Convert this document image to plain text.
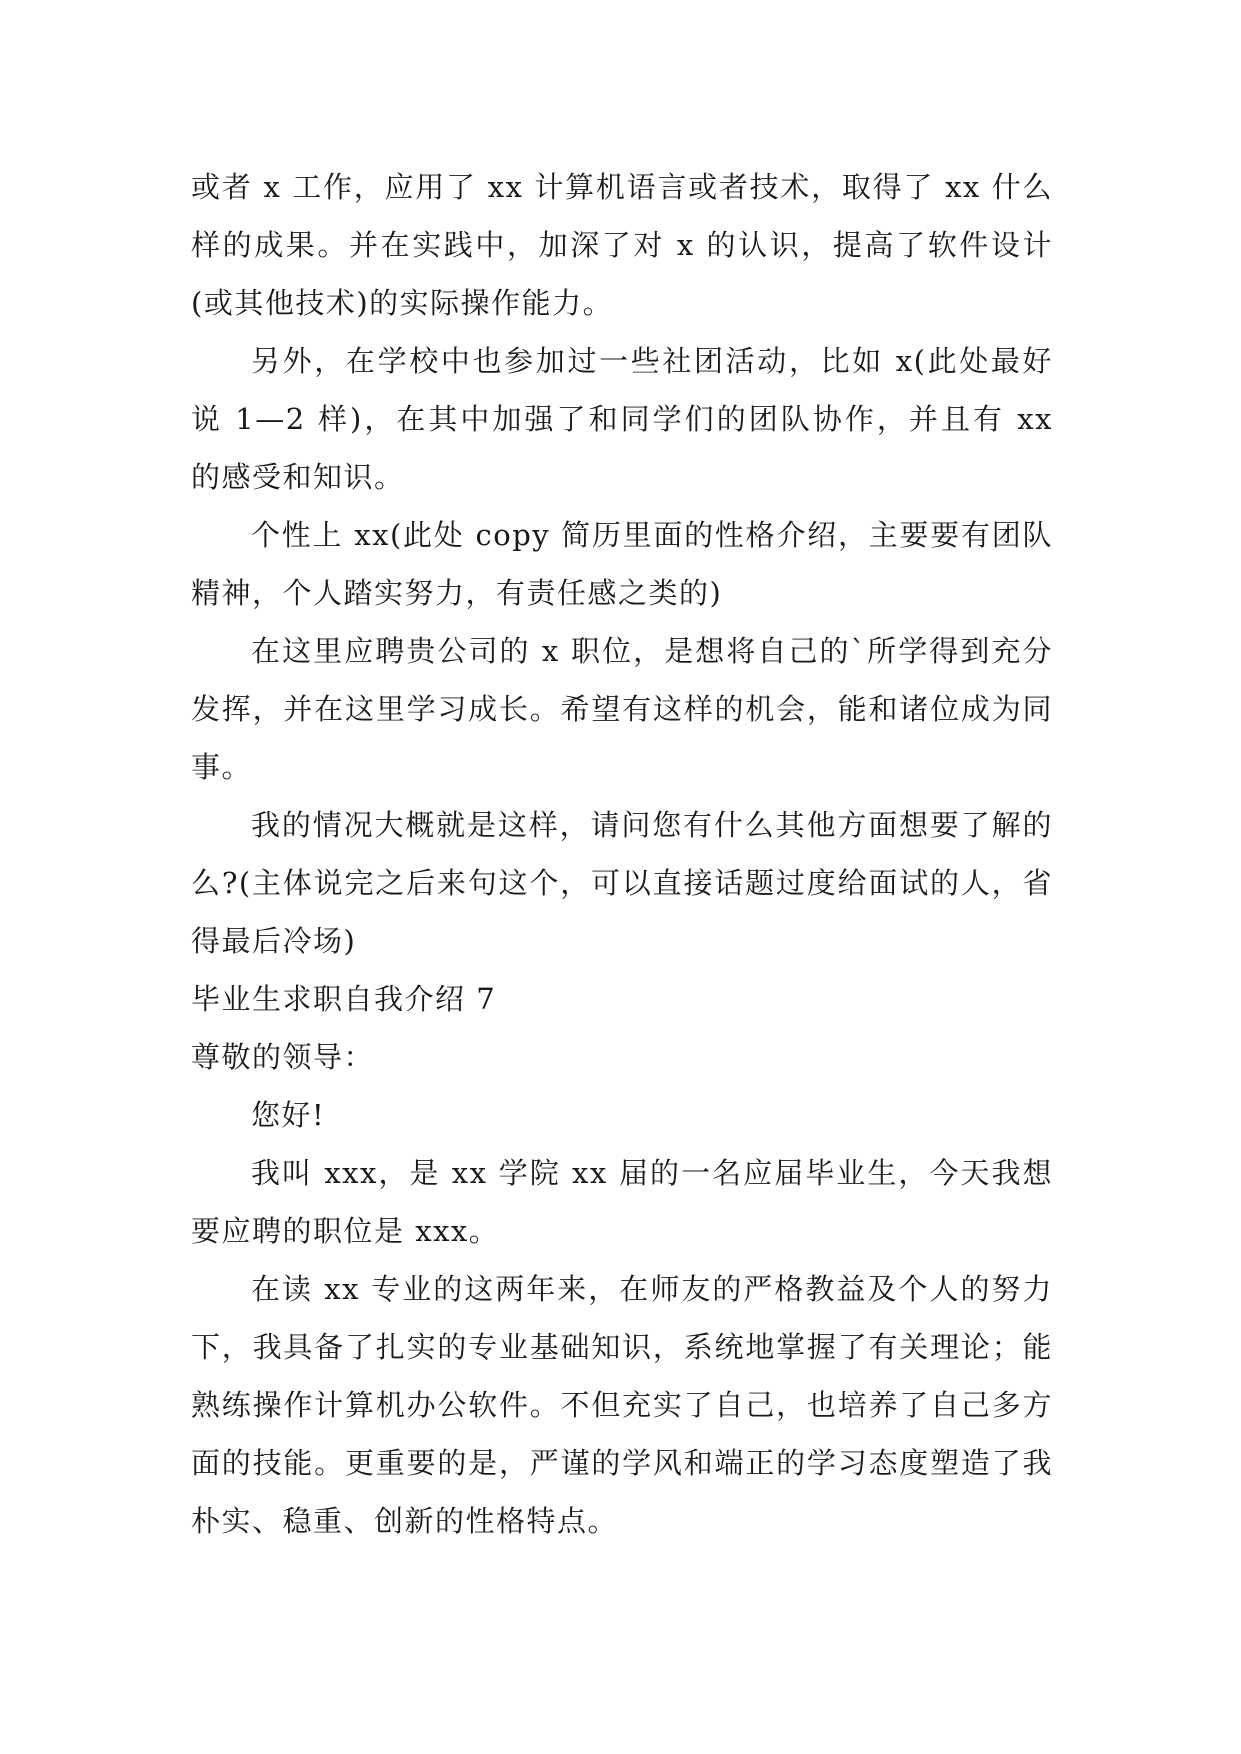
或者 x 工作，应用了 xx 计算机语言或者技术，取得了 xx 什么样的成果。并在实践中，加深了对 x 的认识，提高了软件设计(或其他技术)的实际操作能力。

另外，在学校中也参加过一些社团活动，比如 x(此处最好说 1—2 样)，在其中加强了和同学们的团队协作，并且有 xx 的感受和知识。

个性上 xx(此处 copy 简历里面的性格介绍，主要要有团队精神，个人踏实努力，有责任感之类的)

在这里应聘贵公司的 x 职位，是想将自己的`所学得到充分发挥，并在这里学习成长。希望有这样的机会，能和诸位成为同事。

我的情况大概就是这样，请问您有什么其他方面想要了解的么?(主体说完之后来句这个，可以直接话题过度给面试的人，省得最后冷场)

毕业生求职自我介绍 7

尊敬的领导：

您好!

我叫 xxx，是 xx 学院 xx 届的一名应届毕业生，今天我想要应聘的职位是 xxx。

在读 xx 专业的这两年来，在师友的严格教益及个人的努力下，我具备了扎实的专业基础知识，系统地掌握了有关理论；能熟练操作计算机办公软件。不但充实了自己，也培养了自己多方面的技能。更重要的是，严谨的学风和端正的学习态度塑造了我朴实、稳重、创新的性格特点。
